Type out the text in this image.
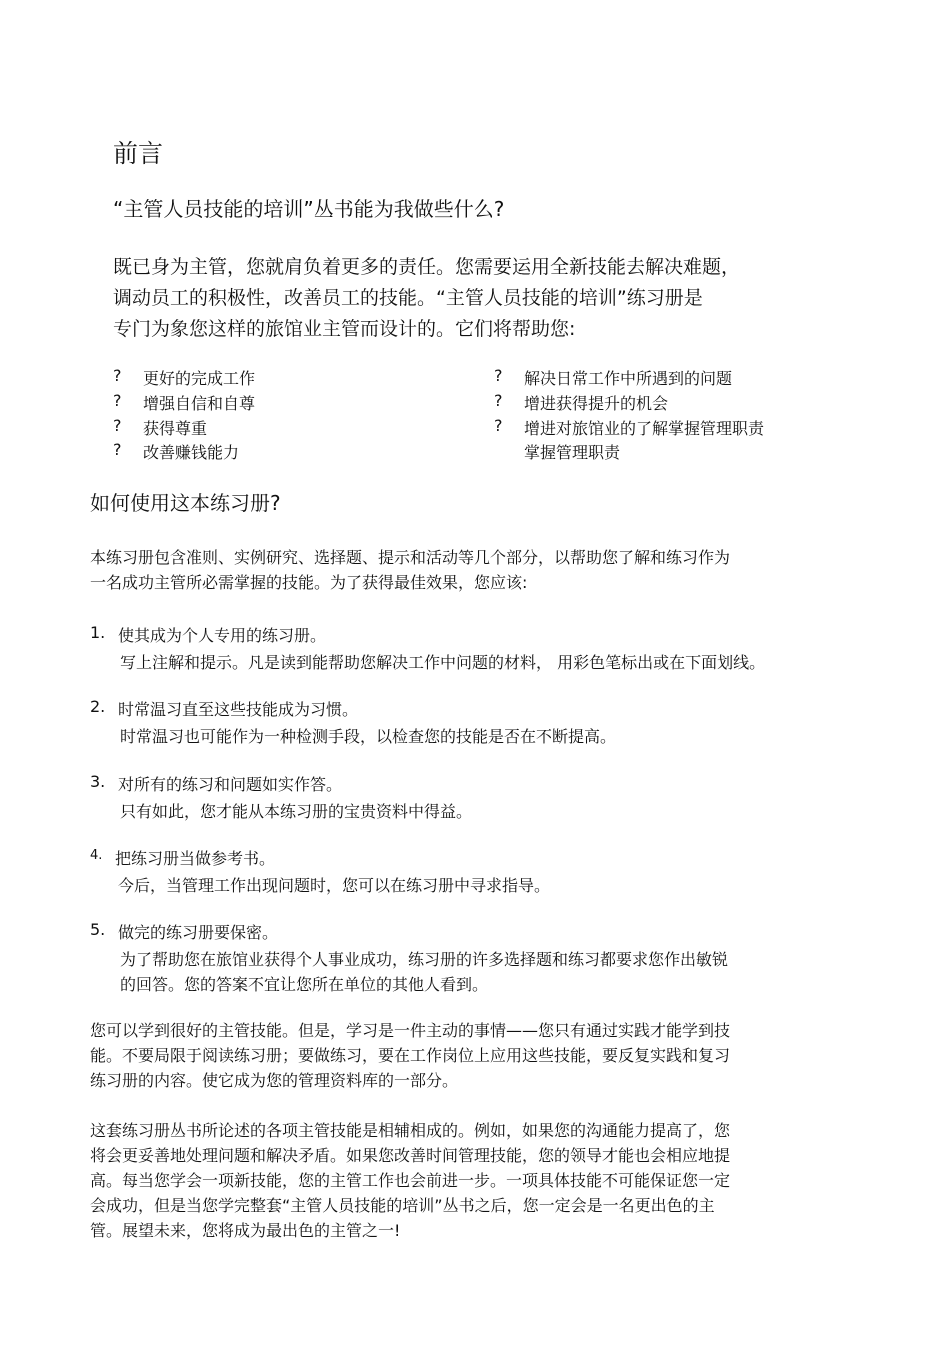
前言
“主管人员技能的培训”丛书能为我做些什么?
既已身为主管，您就肩负着更多的责任。您需要运用全新技能去解决难题，
调动员工的积极性，改善员工的技能。“主管人员技能的培训”练习册是
专门为象您这样的旅馆业主管而设计的。它们将帮助您:
? 更好的完成工作
? 增强自信和自尊
? 获得尊重
? 改善赚钱能力
? 解决日常工作中所遇到的问题
? 增进获得提升的机会
? 增进对旅馆业的了解掌握管理职责
掌握管理职责
如何使用这本练习册?
本练习册包含准则、实例研究、选择题、提示和活动等几个部分，以帮助您了解和练习作为
一名成功主管所必需掌握的技能。为了获得最佳效果，您应该:
1. 使其成为个人专用的练习册。
写上注解和提示。凡是读到能帮助您解决工作中问题的材料， 用彩色笔标出或在下面划线。
2. 时常温习直至这些技能成为习惯。
时常温习也可能作为一种检测手段，以检查您的技能是否在不断提高。
3. 对所有的练习和问题如实作答。
只有如此，您才能从本练习册的宝贵资料中得益。
4. 把练习册当做参考书。
今后，当管理工作出现问题时，您可以在练习册中寻求指导。
5. 做完的练习册要保密。
为了帮助您在旅馆业获得个人事业成功，练习册的许多选择题和练习都要求您作出敏锐
的回答。您的答案不宜让您所在单位的其他人看到。
您可以学到很好的主管技能。但是，学习是一件主动的事情——您只有通过实践才能学到技
能。不要局限于阅读练习册；要做练习，要在工作岗位上应用这些技能，要反复实践和复习
练习册的内容。使它成为您的管理资料库的一部分。
这套练习册丛书所论述的各项主管技能是相辅相成的。例如，如果您的沟通能力提高了，您
将会更妥善地处理问题和解决矛盾。如果您改善时间管理技能，您的领导才能也会相应地提
高。每当您学会一项新技能，您的主管工作也会前进一步。一项具体技能不可能保证您一定
会成功，但是当您学完整套“主管人员技能的培训”丛书之后，您一定会是一名更出色的主
管。展望未来，您将成为最出色的主管之一!
